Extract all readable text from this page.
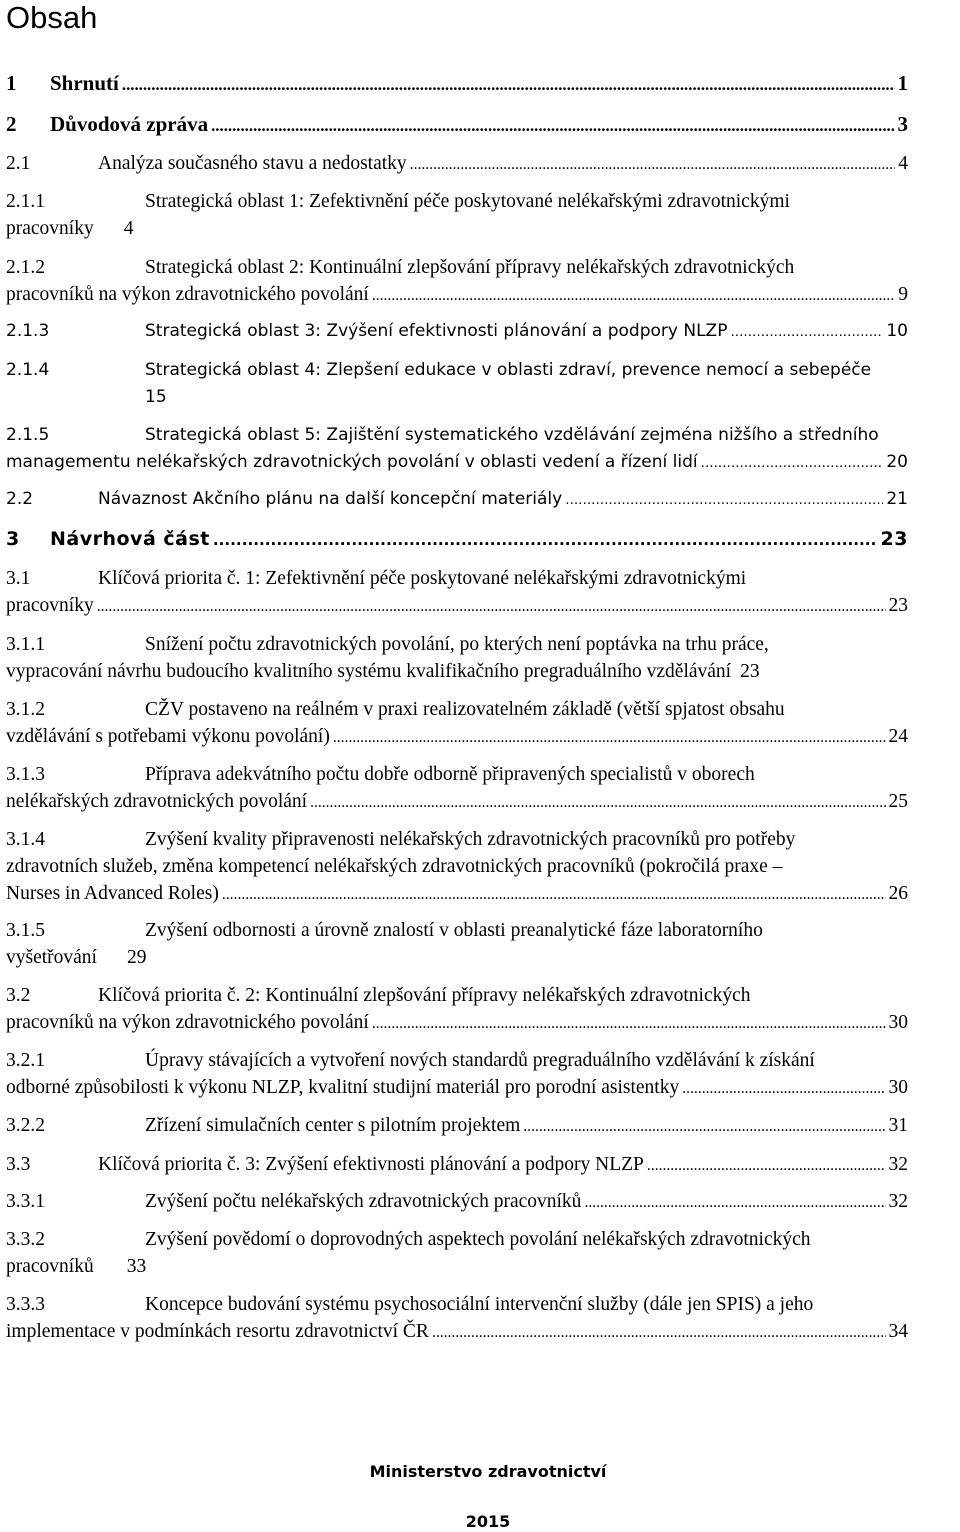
Obsah
1	Shrnutí .....	1
2	Důvodová zpráva .....	3
2.1	Analýza současného stavu a nedostatky .....	4
2.1.1	Strategická oblast 1: Zefektivnění péče poskytované nelékařskými zdravotnickými
pracovníky 4
2.1.2	Strategická oblast 2: Kontinuální zlepšování přípravy nelékařských zdravotnických
pracovníků na výkon zdravotnického povolání .....	9
2.1.3	Strategická oblast 3: Zvýšení efektivnosti plánování a podpory NLZP .....	10
2.1.4	Strategická oblast 4: Zlepšení edukace v oblasti zdraví, prevence nemocí a sebepéče
15
2.1.5	Strategická oblast 5: Zajištění systematického vzdělávání zejména nižšího a středního
managementu nelékařských zdravotnických povolání v oblasti vedení a řízení lidí .....	20
2.2	Návaznost Akčního plánu na další koncepční materiály .....	21
3	Návrhová část .....	23
3.1	Klíčová priorita č. 1: Zefektivnění péče poskytované nelékařskými zdravotnickými
pracovníky .....	23
3.1.1	Snížení počtu zdravotnických povolání, po kterých není poptávka na trhu práce,
vypracování návrhu budoucího kvalitního systému kvalifikačního pregraduálního vzdělávání 23
3.1.2	CŽV postaveno na reálném v praxi realizovatelném základě (větší spjatost obsahu
vzdělávání s potřebami výkonu povolání) .....	24
3.1.3	Příprava adekvátního počtu dobře odborně připravených specialistů v oborech
nelékařských zdravotnických povolání .....	25
3.1.4	Zvýšení kvality připravenosti nelékařských zdravotnických pracovníků pro potřeby
zdravotních služeb, změna kompetencí nelékařských zdravotnických pracovníků (pokročilá praxe –
Nurses in Advanced Roles) .....	26
3.1.5	Zvýšení odbornosti a úrovně znalostí v oblasti preanalytické fáze laboratorního
vyšetřování 29
3.2	Klíčová priorita č. 2: Kontinuální zlepšování přípravy nelékařských zdravotnických
pracovníků na výkon zdravotnického povolání .....	30
3.2.1	Úpravy stávajících a vytvoření nových standardů pregraduálního vzdělávání k získání
odborné způsobilosti k výkonu NLZP, kvalitní studijní materiál pro porodní asistentky .....	30
3.2.2	Zřízení simulačních center s pilotním projektem .....	31
3.3	Klíčová priorita č. 3: Zvýšení efektivnosti plánování a podpory NLZP .....	32
3.3.1	Zvýšení počtu nelékařských zdravotnických pracovníků .....	32
3.3.2	Zvýšení povědomí o doprovodných aspektech povolání nelékařských zdravotnických
pracovníků 33
3.3.3	Koncepce budování systému psychosociální intervenční služby (dále jen SPIS) a jeho
implementace v podmínkách resortu zdravotnictví ČR .....	34
Ministerstvo zdravotnictví
2015
